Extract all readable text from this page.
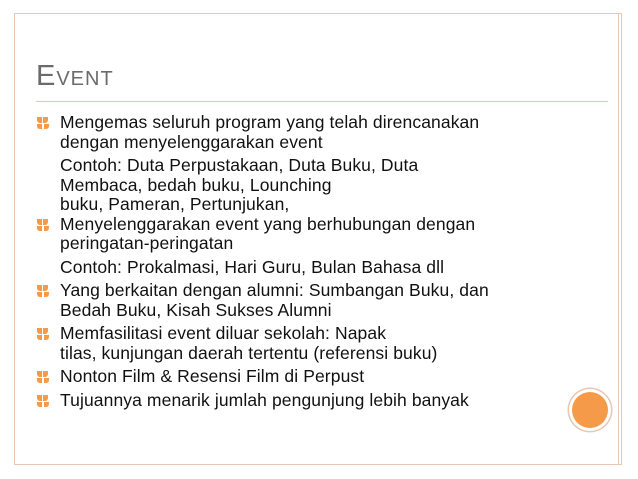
Event
Mengemas seluruh program yang telah direncanakan
dengan menyelenggarakan event
Contoh: Duta Perpustakaan, Duta Buku, Duta
Membaca, bedah buku, Lounching
buku, Pameran, Pertunjukan,
Menyelenggarakan event yang berhubungan dengan
peringatan-peringatan
Contoh: Prokalmasi, Hari Guru, Bulan Bahasa dll
Yang berkaitan dengan alumni: Sumbangan Buku, dan
Bedah Buku, Kisah Sukses Alumni
Memfasilitasi event diluar sekolah: Napak
tilas, kunjungan daerah tertentu (referensi buku)
Nonton Film & Resensi Film di Perpust
Tujuannya menarik jumlah pengunjung lebih banyak
